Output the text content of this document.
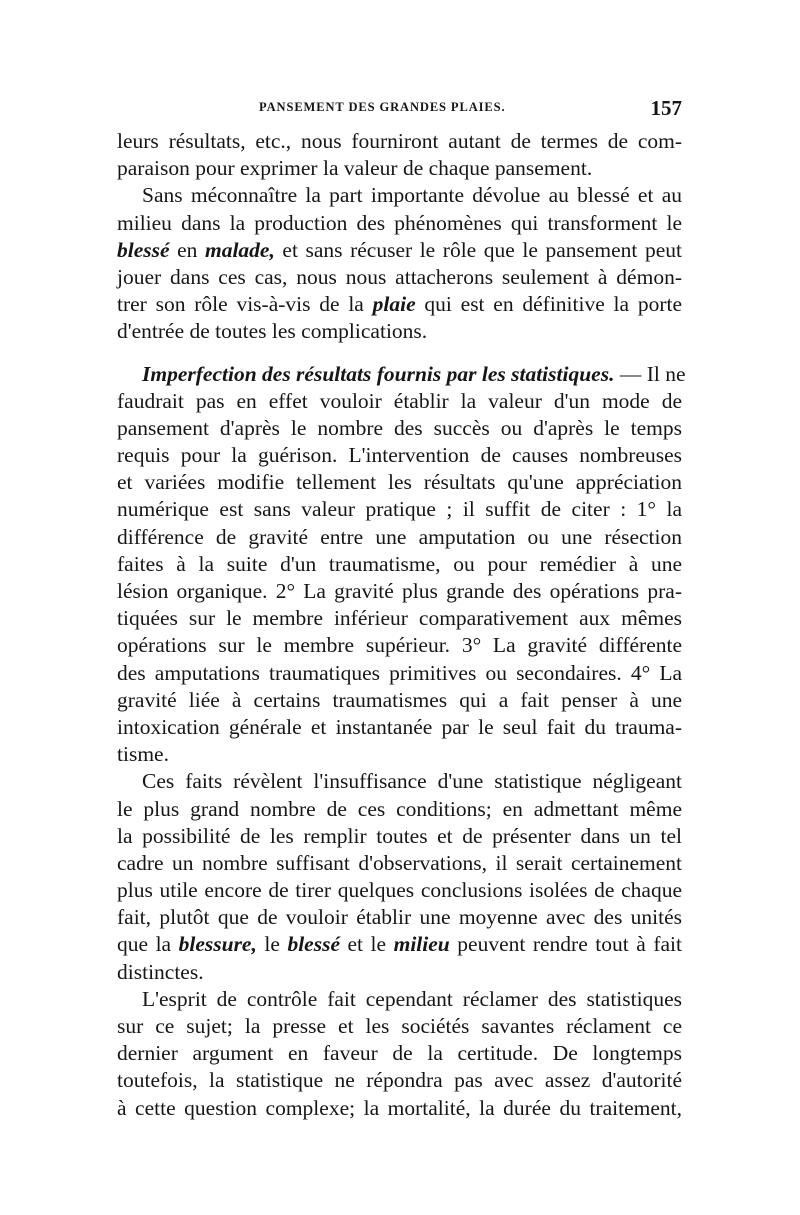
PANSEMENT DES GRANDES PLAIES.	157
leurs résultats, etc., nous fourniront autant de termes de com-
paraison pour exprimer la valeur de chaque pansement.
Sans méconnaître la part importante dévolue au blessé et au
milieu dans la production des phénomènes qui transforment le
blessé en malade, et sans récuser le rôle que le pansement peut
jouer dans ces cas, nous nous attacherons seulement à démon-
trer son rôle vis-à-vis de la plaie qui est en définitive la porte
d'entrée de toutes les complications.
Imperfection des résultats fournis par les statistiques. — Il ne
faudrait pas en effet vouloir établir la valeur d'un mode de
pansement d'après le nombre des succès ou d'après le temps
requis pour la guérison. L'intervention de causes nombreuses
et variées modifie tellement les résultats qu'une appréciation
numérique est sans valeur pratique ; il suffit de citer : 1° la
différence de gravité entre une amputation ou une résection
faites à la suite d'un traumatisme, ou pour remédier à une
lésion organique. 2° La gravité plus grande des opérations pra-
tiquées sur le membre inférieur comparativement aux mêmes
opérations sur le membre supérieur. 3° La gravité différente
des amputations traumatiques primitives ou secondaires. 4° La
gravité liée à certains traumatismes qui a fait penser à une
intoxication générale et instantanée par le seul fait du trauma-
tisme.
Ces faits révèlent l'insuffisance d'une statistique négligeant
le plus grand nombre de ces conditions; en admettant même
la possibilité de les remplir toutes et de présenter dans un tel
cadre un nombre suffisant d'observations, il serait certainement
plus utile encore de tirer quelques conclusions isolées de chaque
fait, plutôt que de vouloir établir une moyenne avec des unités
que la blessure, le blessé et le milieu peuvent rendre tout à fait
distinctes.
L'esprit de contrôle fait cependant réclamer des statistiques
sur ce sujet; la presse et les sociétés savantes réclament ce
dernier argument en faveur de la certitude. De longtemps
toutefois, la statistique ne répondra pas avec assez d'autorité
à cette question complexe; la mortalité, la durée du traitement,
